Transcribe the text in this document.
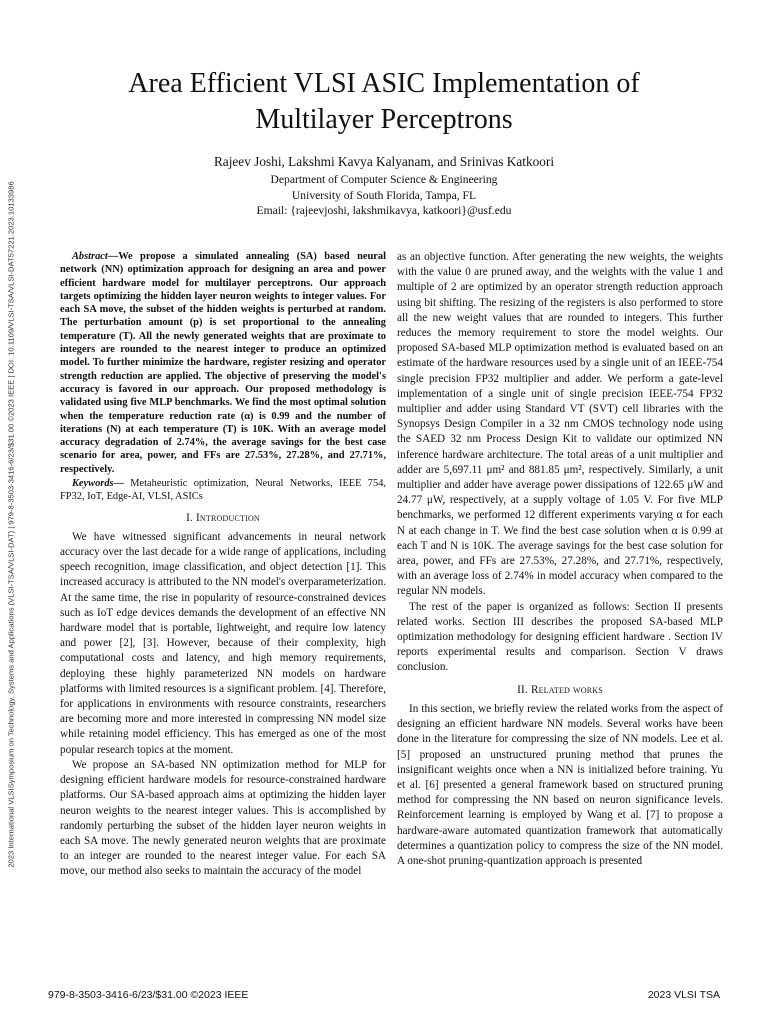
2023 International VLSISymposium on Technology, Systems and Applications (VLSI-TSA/VLSI-DAT) | 979-8-3503-3416-6/23/$31.00 ©2023 IEEE | DOI: 10.1109/VLSI-TSA/VLSI-DAT57221.2023.10133986
Area Efficient VLSI ASIC Implementation of Multilayer Perceptrons
Rajeev Joshi, Lakshmi Kavya Kalyanam, and Srinivas Katkoori
Department of Computer Science & Engineering
University of South Florida, Tampa, FL
Email: {rajeevjoshi, lakshmikavya, katkoori}@usf.edu

Abstract—We propose a simulated annealing (SA) based neural network (NN) optimization approach for designing an area and power efficient hardware model for multilayer perceptrons. Our approach targets optimizing the hidden layer neuron weights to integer values. For each SA move, the subset of the hidden weights is perturbed at random. The perturbation amount (p) is set proportional to the annealing temperature (T). All the newly generated weights that are proximate to integers are rounded to the nearest integer to produce an optimized model. To further minimize the hardware, register resizing and operator strength reduction are applied. The objective of preserving the model's accuracy is favored in our approach. Our proposed methodology is validated using five MLP benchmarks. We find the most optimal solution when the temperature reduction rate (α) is 0.99 and the number of iterations (N) at each temperature (T) is 10K. With an average model accuracy degradation of 2.74%, the average savings for the best case scenario for area, power, and FFs are 27.53%, 27.28%, and 27.71%, respectively.

Keywords— Metaheuristic optimization, Neural Networks, IEEE 754, FP32, IoT, Edge-AI, VLSI, ASICs

I. Introduction

We have witnessed significant advancements in neural network accuracy over the last decade for a wide range of applications, including speech recognition, image classification, and object detection [1]. This increased accuracy is attributed to the NN model's overparameterization. At the same time, the rise in popularity of resource-constrained devices such as IoT edge devices demands the development of an effective NN hardware model that is portable, lightweight, and require low latency and power [2], [3]. However, because of their complexity, high computational costs and latency, and high memory requirements, deploying these highly parameterized NN models on hardware platforms with limited resources is a significant problem. [4]. Therefore, for applications in environments with resource constraints, researchers are becoming more and more interested in compressing NN model size while retaining model efficiency. This has emerged as one of the most popular research topics at the moment.

We propose an SA-based NN optimization method for MLP for designing efficient hardware models for resource-constrained hardware platforms. Our SA-based approach aims at optimizing the hidden layer neuron weights to the nearest integer values. This is accomplished by randomly perturbing the subset of the hidden layer neuron weights in each SA move. The newly generated neuron weights that are proximate to an integer are rounded to the nearest integer value. For each SA move, our method also seeks to maintain the accuracy of the model

as an objective function. After generating the new weights, the weights with the value 0 are pruned away, and the weights with the value 1 and multiple of 2 are optimized by an operator strength reduction approach using bit shifting. The resizing of the registers is also performed to store all the new weight values that are rounded to integers. This further reduces the memory requirement to store the model weights. Our proposed SA-based MLP optimization method is evaluated based on an estimate of the hardware resources used by a single unit of an IEEE-754 single precision FP32 multiplier and adder. We perform a gate-level implementation of a single unit of single precision IEEE-754 FP32 multiplier and adder using Standard VT (SVT) cell libraries with the Synopsys Design Compiler in a 32 nm CMOS technology node using the SAED 32 nm Process Design Kit to validate our optimized NN inference hardware architecture. The total areas of a unit multiplier and adder are 5,697.11 μm² and 881.85 μm², respectively. Similarly, a unit multiplier and adder have average power dissipations of 122.65 μW and 24.77 μW, respectively, at a supply voltage of 1.05 V. For five MLP benchmarks, we performed 12 different experiments varying α for each N at each change in T. We find the best case solution when α is 0.99 at each T and N is 10K. The average savings for the best case solution for area, power, and FFs are 27.53%, 27.28%, and 27.71%, respectively, with an average loss of 2.74% in model accuracy when compared to the regular NN models.

The rest of the paper is organized as follows: Section II presents related works. Section III describes the proposed SA-based MLP optimization methodology for designing efficient hardware . Section IV reports experimental results and comparison. Section V draws conclusion.

II. Related works

In this section, we briefly review the related works from the aspect of designing an efficient hardware NN models. Several works have been done in the literature for compressing the size of NN models. Lee et al. [5] proposed an unstructured pruning method that prunes the insignificant weights once when a NN is initialized before training. Yu et al. [6] presented a general framework based on structured pruning method for compressing the NN based on neuron significance levels. Reinforcement learning is employed by Wang et al. [7] to propose a hardware-aware automated quantization framework that automatically determines a quantization policy to compress the size of the NN model. A one-shot pruning-quantization approach is presented

979-8-3503-3416-6/23/$31.00 ©2023 IEEE	2023 VLSI TSA
